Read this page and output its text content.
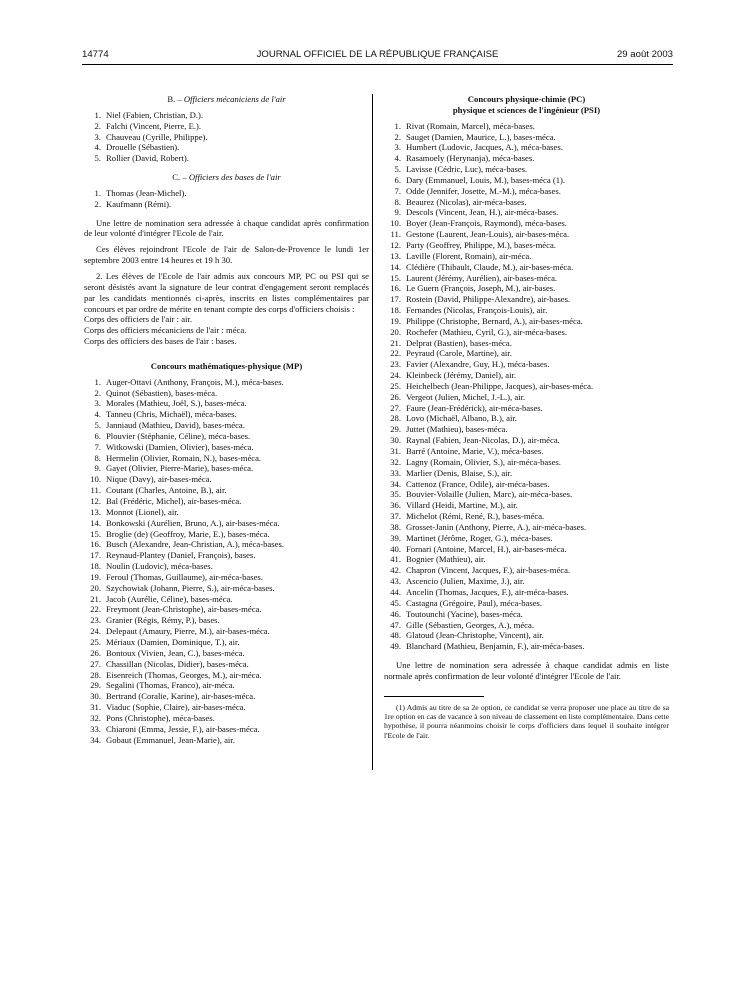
14774	JOURNAL OFFICIEL DE LA RÉPUBLIQUE FRANÇAISE	29 août 2003
B. – Officiers mécaniciens de l'air
1. Niel (Fabien, Christian, D.).
2. Falchi (Vincent, Pierre, E.).
3. Chauveau (Cyrille, Philippe).
4. Drouelle (Sébastien).
5. Rollier (David, Robert).
C. – Officiers des bases de l'air
1. Thomas (Jean-Michel).
2. Kaufmann (Rémi).

Une lettre de nomination sera adressée à chaque candidat après confirmation de leur volonté d'intégrer l'Ecole de l'air.

Ces élèves rejoindront l'Ecole de l'air de Salon-de-Provence le lundi 1er septembre 2003 entre 14 heures et 19 h 30.

2. Les élèves de l'Ecole de l'air admis aux concours MP, PC ou PSI qui se seront désistés avant la signature de leur contrat d'engagement seront remplacés par les candidats mentionnés ci-après, inscrits en listes complémentaires par concours et par ordre de mérite en tenant compte des corps d'officiers choisis :

Corps des officiers de l'air : air.
Corps des officiers mécaniciens de l'air : méca.
Corps des officiers des bases de l'air : bases.
Concours mathématiques-physique (MP)
1. Auger-Ottavi (Anthony, François, M.), méca-bases.
2. Quinot (Sébastien), bases-méca.
3. Morales (Mathieu, Joël, S.), bases-méca.
4. Tanneu (Chris, Michaël), méca-bases.
5. Janniaud (Mathieu, David), bases-méca.
6. Plouvier (Stéphanie, Céline), méca-bases.
7. Witkowski (Damien, Olivier), bases-méca.
8. Hermelin (Olivier, Romain, N.), bases-méca.
9. Gayet (Olivier, Pierre-Marie), bases-méca.
10. Nique (Davy), air-bases-méca.
11. Coutant (Charles, Antoine, B.), air.
12. Bal (Frédéric, Michel), air-bases-méca.
13. Monnot (Lionel), air.
14. Bonkowski (Aurélien, Bruno, A.), air-bases-méca.
15. Broglie (de) (Geoffroy, Marie, E.), bases-méca.
16. Busch (Alexandre, Jean-Christian, A.), méca-bases.
17. Reynaud-Plantey (Daniel, François), bases.
18. Noulin (Ludovic), méca-bases.
19. Feroul (Thomas, Guillaume), air-méca-bases.
20. Szychowiak (Johann, Pierre, S.), air-méca-bases.
21. Jacob (Aurélie, Céline), bases-méca.
22. Freymont (Jean-Christophe), air-bases-méca.
23. Granier (Régis, Rémy, P.), bases.
24. Delepaut (Amaury, Pierre, M.), air-bases-méca.
25. Mériaux (Damien, Dominique, T.), air.
26. Bontoux (Vivien, Jean, C.), bases-méca.
27. Chassillan (Nicolas, Didier), bases-méca.
28. Eisenreich (Thomas, Georges, M.), air-méca.
29. Segalini (Thomas, Franco), air-méca.
30. Bertrand (Coralie, Karine), air-bases-méca.
31. Viaduc (Sophie, Claire), air-bases-méca.
32. Pons (Christophe), méca-bases.
33. Chiaroni (Emma, Jessie, F.), air-bases-méca.
34. Gobaut (Emmanuel, Jean-Marie), air.
Concours physique-chimie (PC)
physique et sciences de l'ingénieur (PSI)
1. Rivat (Romain, Marcel), méca-bases.
2. Sauget (Damien, Maurice, L.), bases-méca.
3. Humbert (Ludovic, Jacques, A.), méca-bases.
4. Rasamoely (Herynanja), méca-bases.
5. Lavisse (Cédric, Luc), méca-bases.
6. Dary (Emmanuel, Louis, M.), bases-méca (1).
7. Odde (Jennifer, Josette, M.-M.), méca-bases.
8. Beaurez (Nicolas), air-méca-bases.
9. Descols (Vincent, Jean, H.), air-méca-bases.
10. Boyer (Jean-François, Raymond), méca-bases.
11. Gestone (Laurent, Jean-Louis), air-bases-méca.
12. Party (Geoffrey, Philippe, M.), bases-méca.
13. Laville (Florent, Romain), air-méca.
14. Clédière (Thibault, Claude, M.), air-bases-méca.
15. Laurent (Jérémy, Aurélien), air-bases-méca.
16. Le Guern (François, Joseph, M.), air-bases.
17. Rostein (David, Philippe-Alexandre), air-bases.
18. Fernandes (Nicolas, François-Louis), air.
19. Philippe (Christophe, Bernard, A.), air-bases-méca.
20. Rochefer (Mathieu, Cyril, G.), air-méca-bases.
21. Delprat (Bastien), bases-méca.
22. Peyraud (Carole, Martine), air.
23. Favier (Alexandre, Guy, H.), méca-bases.
24. Kleinbeck (Jérémy, Daniel), air.
25. Heichelbech (Jean-Philippe, Jacques), air-bases-méca.
26. Vergeot (Julien, Michel, J.-L.), air.
27. Faure (Jean-Frédérick), air-méca-bases.
28. Lovo (Michaël, Albano, B.), air.
29. Juttet (Mathieu), bases-méca.
30. Raynal (Fabien, Jean-Nicolas, D.), air-méca.
31. Barré (Antoine, Marie, V.), méca-bases.
32. Lagny (Romain, Olivier, S.), air-méca-bases.
33. Marlier (Denis, Blaise, S.), air.
34. Cattenoz (France, Odile), air-méca-bases.
35. Bouvier-Volaille (Julien, Marc), air-méca-bases.
36. Villard (Heidi, Martine, M.), air.
37. Michelot (Rémi, René, R.), bases-méca.
38. Grosset-Janin (Anthony, Pierre, A.), air-méca-bases.
39. Martinet (Jérôme, Roger, G.), méca-bases.
40. Fornari (Antoine, Marcel, H.), air-bases-méca.
41. Bognier (Mathieu), air.
42. Chapron (Vincent, Jacques, F.), air-bases-méca.
43. Ascencio (Julien, Maxime, J.), air.
44. Ancelin (Thomas, Jacques, F.), air-méca-bases.
45. Castagna (Grégoire, Paul), méca-bases.
46. Toutounchi (Yacine), bases-méca.
47. Gille (Sébastien, Georges, A.), méca.
48. Glatoud (Jean-Christophe, Vincent), air.
49. Blanchard (Mathieu, Benjamin, F.), air-méca-bases.

Une lettre de nomination sera adressée à chaque candidat admis en liste normale après confirmation de leur volonté d'intégrer l'Ecole de l'air.

(1) Admis au titre de sa 2e option, ce candidat se verra proposer une place au titre de sa 1re option en cas de vacance à son niveau de classement en liste complémentaire. Dans cette hypothèse, il pourra néanmoins choisir le corps d'officiers dans lequel il souhaite intégrer l'Ecole de l'air.
